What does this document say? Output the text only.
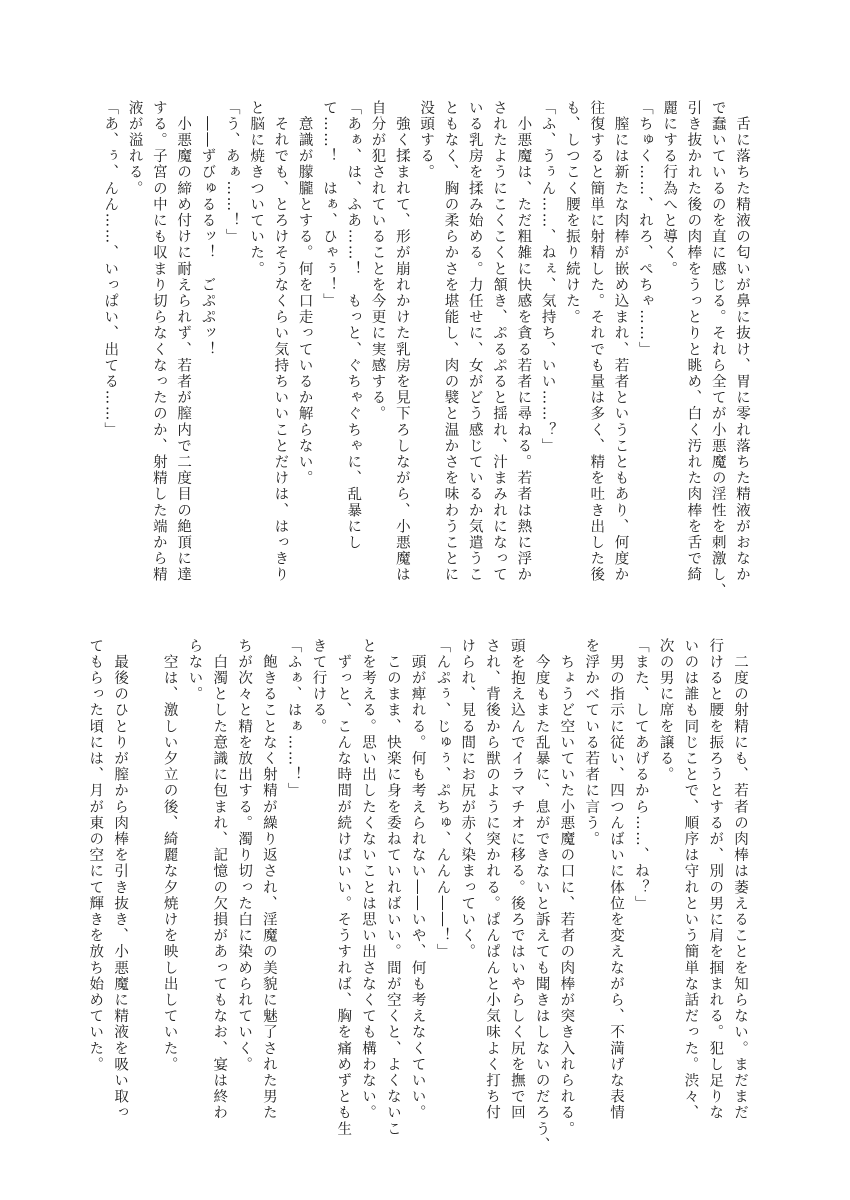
　舌に落ちた精液の匂いが鼻に抜け、胃に零れ落ちた精液がおなか
で蠢いているのを直に感じる。それら全てが小悪魔の淫性を刺激し、
引き抜かれた後の肉棒をうっとりと眺め、白く汚れた肉棒を舌で綺
麗にする行為へと導く。
「ちゅく……、れろ、ぺちゃ……」
　膣には新たな肉棒が嵌め込まれ、若者ということもあり、何度か
往復すると簡単に射精した。それでも量は多く、精を吐き出した後
も、しつこく腰を振り続けた。
「ふ、うぅん……、ねぇ、気持ち、いい……？」
　小悪魔は、ただ粗雑に快感を貪る若者に尋ねる。若者は熱に浮か
されたようにこくこくと頷き、ぷるぷると揺れ、汁まみれになって
いる乳房を揉み始める。力任せに、女がどう感じているか気遣うこ
ともなく、胸の柔らかさを堪能し、肉の襞と温かさを味わうことに
没頭する。
　強く揉まれて、形が崩れかけた乳房を見下ろしながら、小悪魔は
自分が犯されていることを今更に実感する。
「あぁ、は、ふあ……！　もっと、ぐちゃぐちゃに、乱暴にし
て……！　はぁ、ひゃぅ！」
　意識が朦朧とする。何を口走っているか解らない。
　それでも、とろけそうなくらい気持ちいいことだけは、はっきり
と脳に焼きついていた。
「う、あぁ……！」
　――ずびゅるるッ！　ごぷぷッ！
　小悪魔の締め付けに耐えられず、若者が膣内で二度目の絶頂に達
する。子宮の中にも収まり切らなくなったのか、射精した端から精
液が溢れる。
「あ、ぅ、んん……、いっぱい、出てる……」
　二度の射精にも、若者の肉棒は萎えることを知らない。まだまだ
行けると腰を振ろうとするが、別の男に肩を掴まれる。犯し足りな
いのは誰も同じことで、順序は守れという簡単な話だった。渋々、
次の男に席を譲る。
「また、してあげるから……、ね？」
　男の指示に従い、四つんばいに体位を変えながら、不満げな表情
を浮かべている若者に言う。
　ちょうど空いていた小悪魔の口に、若者の肉棒が突き入れられる。
　今度もまた乱暴に、息ができないと訴えても聞きはしないのだろう、
頭を抱え込んでイラマチオに移る。後ろではいやらしく尻を撫で回
され、背後から獣のように突かれる。ぱんぱんと小気味よく打ち付
けられ、見る間にお尻が赤く染まっていく。
「んぷぅ、じゅぅ、ぷちゅ、んんん――！」
　頭が痺れる。何も考えられない――いや、何も考えなくていい。
　このまま、快楽に身を委ねていればいい。間が空くと、よくないこ
とを考える。思い出したくないことは思い出さなくても構わない。
　ずっと、こんな時間が続けばいい。そうすれば、胸を痛めずとも生
きて行ける。
「ふぁ、はぁ……！」
　飽きることなく射精が繰り返され、淫魔の美貌に魅了された男た
ちが次々と精を放出する。濁り切った白に染められていく。
　白濁とした意識に包まれ、記憶の欠損があってもなお、宴は終わ
らない。
　空は、激しい夕立の後、綺麗な夕焼けを映し出していた。
　最後のひとりが膣から肉棒を引き抜き、小悪魔に精液を吸い取っ
てもらった頃には、月が東の空にて輝きを放ち始めていた。
